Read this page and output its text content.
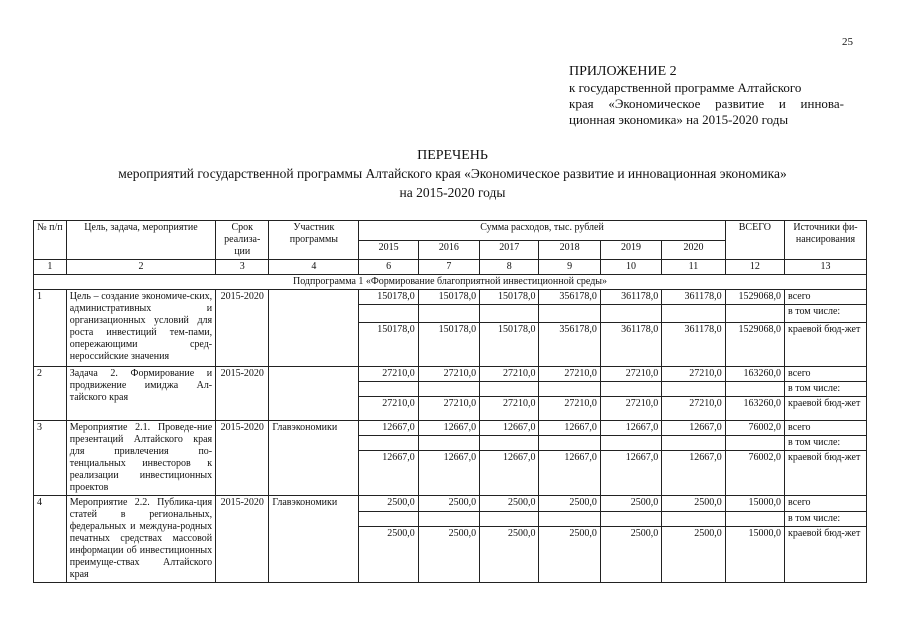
25
ПРИЛОЖЕНИЕ 2
к государственной программе Алтайского
края «Экономическое развитие и иннова-
ционная экономика» на 2015-2020 годы
ПЕРЕЧЕНЬ
мероприятий государственной программы Алтайского края «Экономическое развитие и инновационная экономика»
на 2015-2020 годы
№ п/п	Цель, задача, мероприятие	Срок реализа-ции	Участник программы	Сумма расходов, тыс. рублей						ВСЕГО	Источники фи-нансирования
				2015	2016	2017	2018	2019	2020		
1	2	3	4	6	7	8	9	10	11	12	13
Подпрограмма 1 «Формирование благоприятной инвестиционной среды»											
1	Цель – создание экономиче-ских, административных и организационных условий для роста инвестиций тем-пами, опережающими сред-нероссийские значения	2015-2020		150178,0	150178,0	150178,0	356178,0	361178,0	361178,0	1529068,0	всего
											в том числе:
				150178,0	150178,0	150178,0	356178,0	361178,0	361178,0	1529068,0	краевой бюд-жет
2	Задача 2. Формирование и продвижение имиджа Ал-тайского края	2015-2020		27210,0	27210,0	27210,0	27210,0	27210,0	27210,0	163260,0	всего
											в том числе:
				27210,0	27210,0	27210,0	27210,0	27210,0	27210,0	163260,0	краевой бюд-жет
3	Мероприятие 2.1. Проведе-ние презентаций Алтайского края для привлечения по-тенциальных инвесторов к реализации инвестиционных проектов	2015-2020	Главэкономики	12667,0	12667,0	12667,0	12667,0	12667,0	12667,0	76002,0	всего
											в том числе:
				12667,0	12667,0	12667,0	12667,0	12667,0	12667,0	76002,0	краевой бюд-жет
4	Мероприятие 2.2. Публика-ция статей в региональных, федеральных и междуна-родных печатных средствах массовой информации об инвестиционных преимуще-ствах Алтайского края	2015-2020	Главэкономики	2500,0	2500,0	2500,0	2500,0	2500,0	2500,0	15000,0	всего
											в том числе:
				2500,0	2500,0	2500,0	2500,0	2500,0	2500,0	15000,0	краевой бюд-жет
